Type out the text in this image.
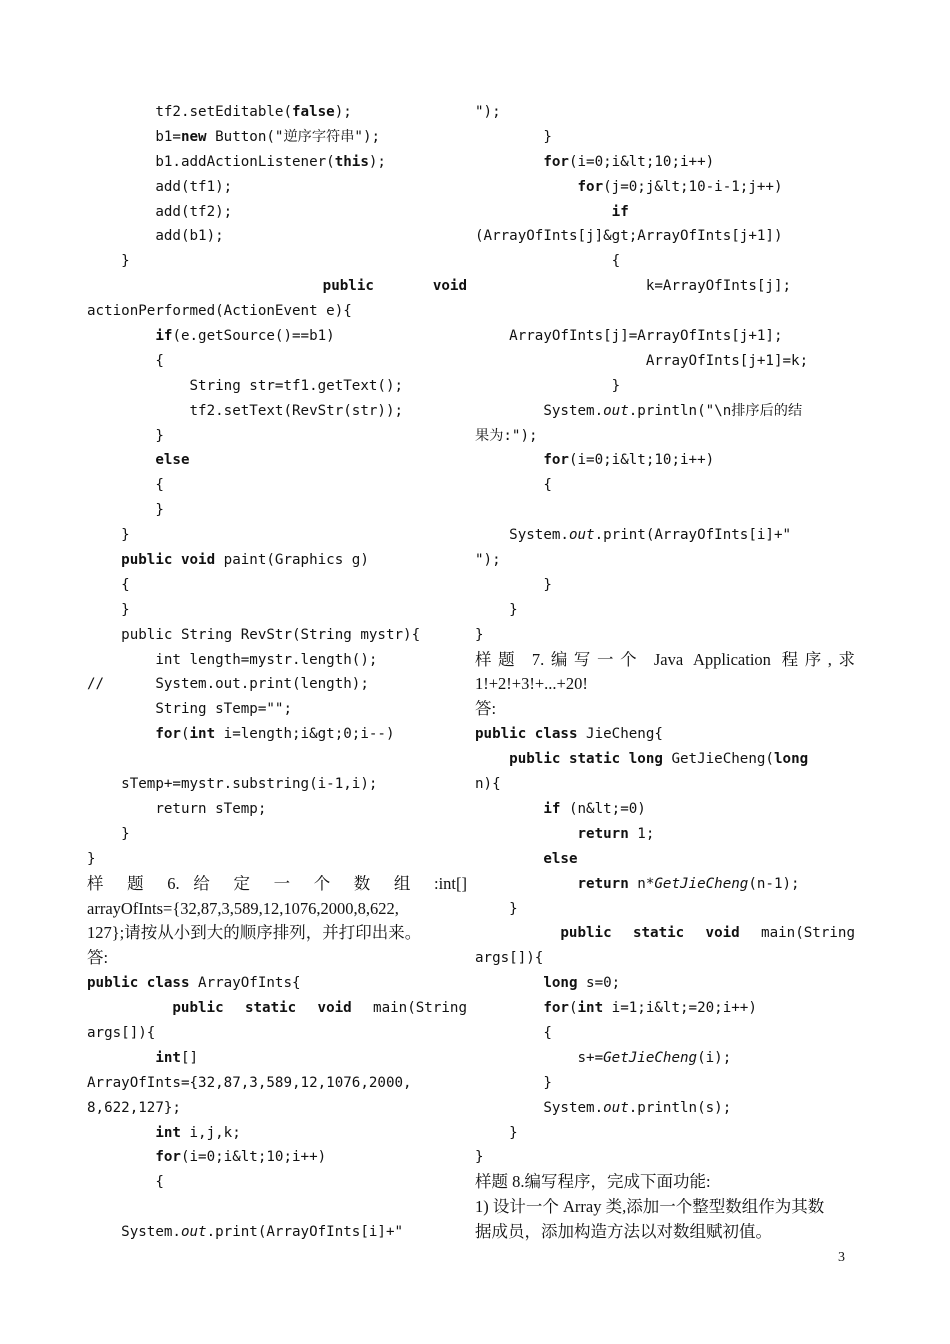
tf2.setEditable(false);
b1=new Button("逆序字符串");
b1.addActionListener(this);
add(tf1);
add(tf2);
add(b1);
}
public	void
actionPerformed(ActionEvent e){
if(e.getSource()==b1)
{
String str=tf1.getText();
tf2.setText(RevStr(str));
}
else
{
}
}
public void paint(Graphics g)
{
}
public String RevStr(String mystr){
int length=mystr.length();
//      System.out.print(length);
String sTemp="";
for(int i=length;i&gt;0;i--)
sTemp+=mystr.substring(i-1,i);
return sTemp;
}
}
样 题 6. 给 定 一 个 数 组 :int[]
arrayOfInts={32,87,3,589,12,1076,2000,8,622,
127};请按从小到大的顺序排列，并打印出来。
答:
public class ArrayOfInts{
public static void main(String
args[]){
int[]
ArrayOfInts={32,87,3,589,12,1076,2000,
8,622,127};
int i,j,k;
for(i=0;i&lt;10;i++)
{
System.out.print(ArrayOfInts[i]+"
");
}
for(i=0;i&lt;10;i++)
for(j=0;j&lt;10-i-1;j++)
if
(ArrayOfInts[j]&gt;ArrayOfInts[j+1])
{
k=ArrayOfInts[j];
ArrayOfInts[j]=ArrayOfInts[j+1];
ArrayOfInts[j+1]=k;
}
System.out.println("\n排序后的结
果为:");
for(i=0;i&lt;10;i++)
{
System.out.print(ArrayOfInts[i]+"
");
}
}
}
样题 7.编写一个 Java Application 程序,求
1!+2!+3!+...+20!
答:
public class JieCheng{
public static long GetJieCheng(long
n){
if (n&lt;=0)
return 1;
else
return n*GetJieCheng(n-1);
}
public static void main(String
args[]){
long s=0;
for(int i=1;i&lt;=20;i++)
{
s+=GetJieCheng(i);
}
System.out.println(s);
}
}
样题 8.编写程序，完成下面功能:
1) 设计一个 Array 类,添加一个整型数组作为其数
据成员，添加构造方法以对数组赋初值。
3
